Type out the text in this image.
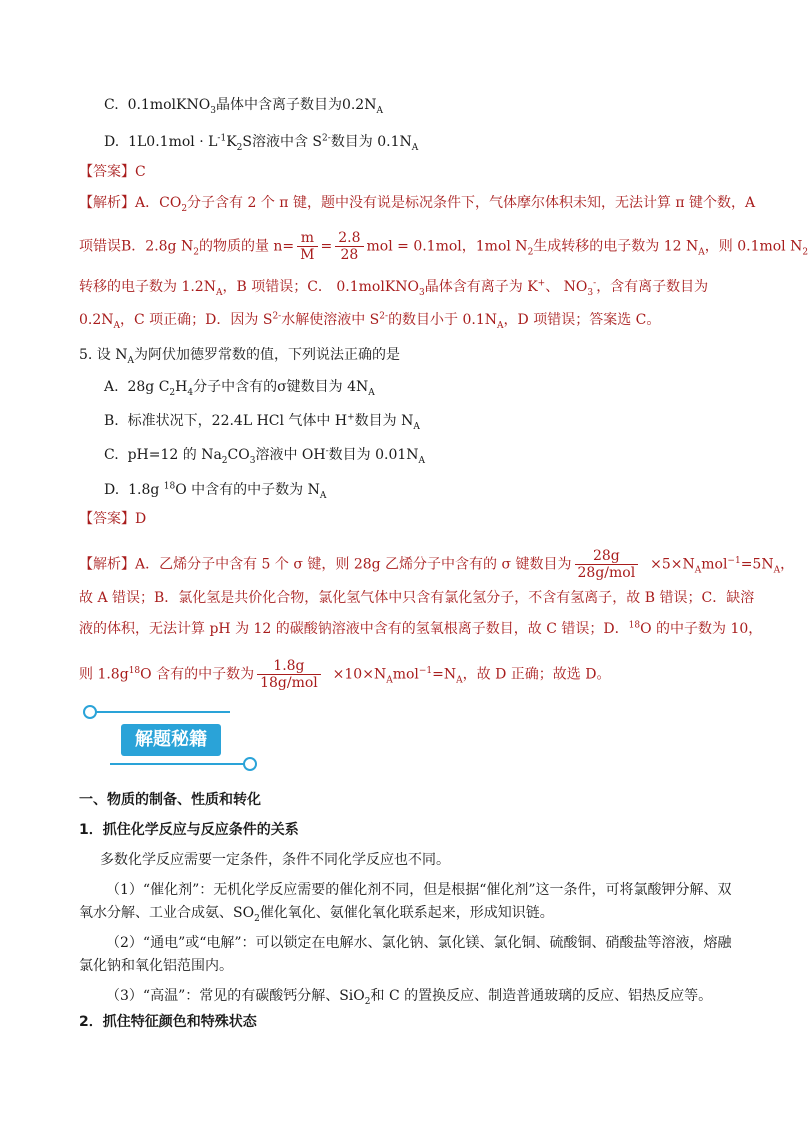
C. 0.1molKNO$_3$晶体中含离子数目为$0.2N_A$
D. $1L0.1mol \cdot L^{-1}K_2S$溶液中含 $S^{2-}$数目为 $0.1N_A$
【答案】C
【解析】A．$CO_2$分子含有 2 个 π 键，题中没有说是标况条件下，气体摩尔体积未知，无法计算 π 键个数，A
项错误B．2.8g $N_2$的物质的量 $n= \frac{m}{M} = \frac{2.8}{28}$ mol = 0.1mol，1mol $N_2$生成转移的电子数为 12 $N_A$，则 0.1mol $N_2$
转移的电子数为 $1.2N_A$，B 项错误；C． 0.1molKNO$_3$晶体含有离子为 K+、 $NO_3^-$，含有离子数目为
$0.2N_A$，C 项正确；D．因为 $S^{2-}$水解使溶液中 $S^{2-}$的数目小于 $0.1N_A$，D 项错误；答案选 C。
5. 设 $N_A$为阿伏加德罗常数的值，下列说法正确的是
A. 28g $C_2H_4$分子中含有的σ键数目为 $4N_A$
B. 标准状况下，22.4L HCl 气体中 H+数目为 $N_A$
C. pH=12 的 $Na_2CO_3$溶液中 OH-数目为 $0.01N_A$
D. 1.8g $^{18}$O 中含有的中子数为 $N_A$
【答案】D
【解析】A．乙烯分子中含有 5 个 σ 键，则 28g 乙烯分子中含有的 σ 键数目为 $\frac{28g}{\text{28g/mol}} \times 5\times N_Amol^{-1}=5N_A$，
故 A 错误；B．氯化氢是共价化合物，氯化氢气体中只含有氯化氢分子，不含有氢离子，故 B 错误；C．缺溶
液的体积，无法计算 pH 为 12 的碳酸钠溶液中含有的氢氧根离子数目，故 C 错误；D．$^{18}$O 的中子数为 10，
则 $1.8g^{18}O$ 含有的中子数为 $\frac{1.8g}{\text{18g/mol}} \times 10\times N_Amol^{-1}=N_A$，故 D 正确；故选 D。
解题秘籍
一、物质的制备、性质和转化
1．抓住化学反应与反应条件的关系
多数化学反应需要一定条件，条件不同化学反应也不同。
（1）“催化剂”：无机化学反应需要的催化剂不同，但是根据“催化剂”这一条件，可将氯酸钾分解、双
氧水分解、工业合成氨、$SO_2$催化氧化、氨催化氧化联系起来，形成知识链。
（2）“通电”或“电解”：可以锁定在电解水、氯化钠、氯化镁、氯化铜、硫酸铜、硝酸盐等溶液，熔融
氯化钠和氧化铝范围内。
（3）“高温”：常见的有碳酸钙分解、SiO$_2$和 C 的置换反应、制造普通玻璃的反应、铝热反应等。
2．抓住特征颜色和特殊状态
